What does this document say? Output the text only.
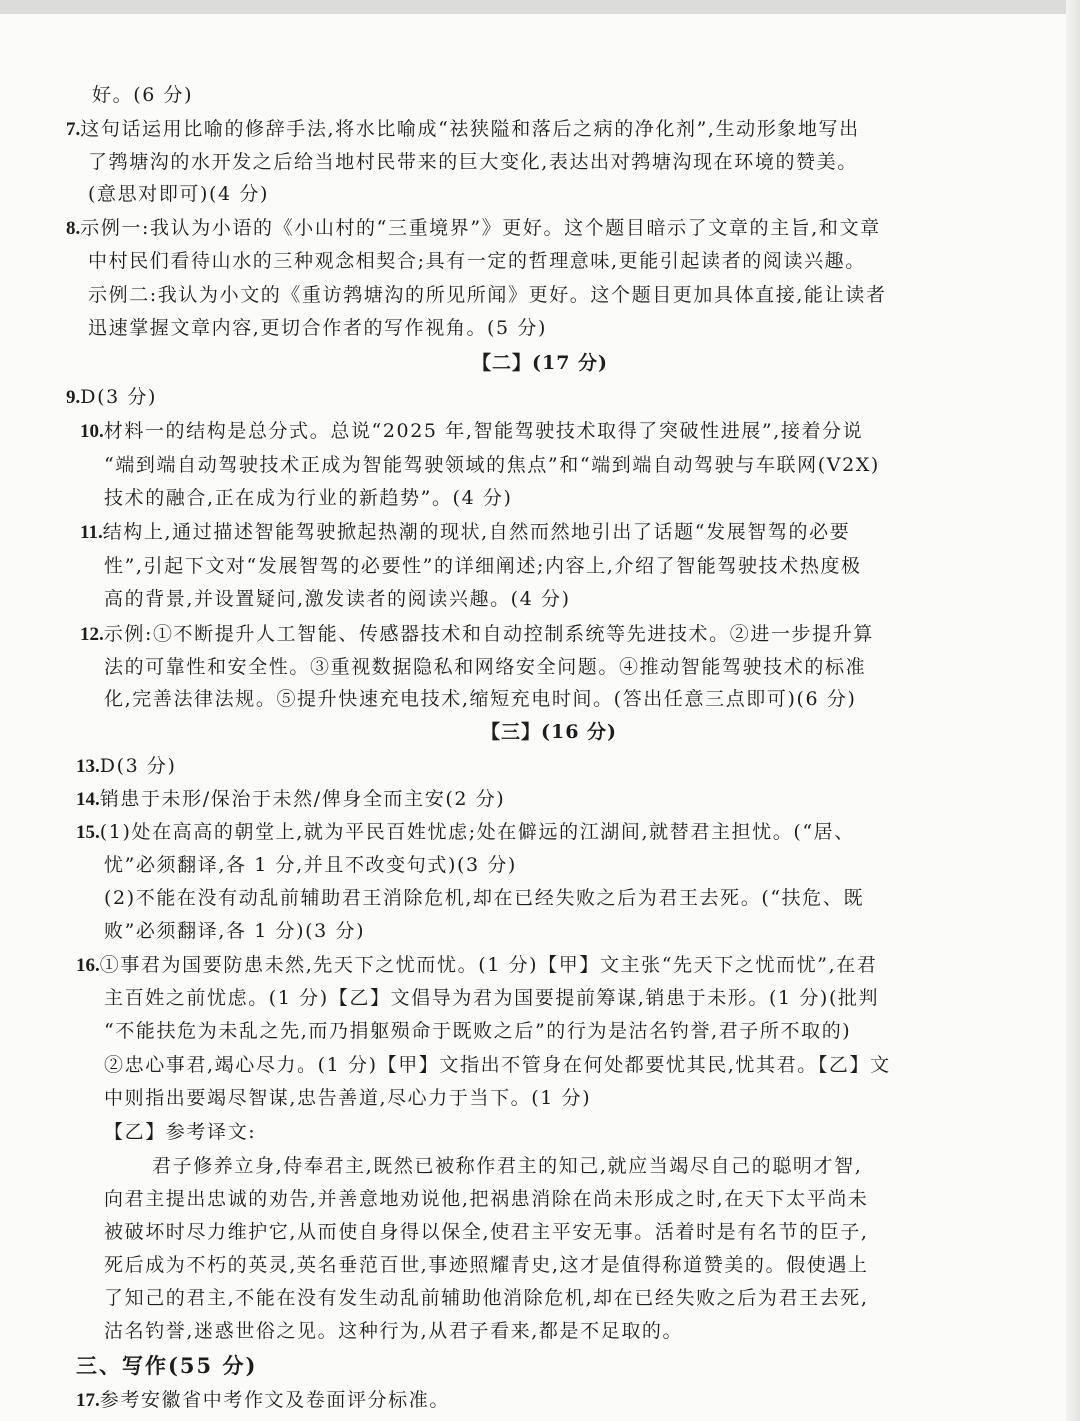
好。(6 分)
7.这句话运用比喻的修辞手法,将水比喻成“祛狭隘和落后之病的净化剂”,生动形象地写出
了鹁塘沟的水开发之后给当地村民带来的巨大变化,表达出对鹁塘沟现在环境的赞美。
(意思对即可)(4 分)
8.示例一:我认为小语的《小山村的“三重境界”》更好。这个题目暗示了文章的主旨,和文章
中村民们看待山水的三种观念相契合;具有一定的哲理意味,更能引起读者的阅读兴趣。
示例二:我认为小文的《重访鹁塘沟的所见所闻》更好。这个题目更加具体直接,能让读者
迅速掌握文章内容,更切合作者的写作视角。(5 分)
【二】(17 分)
9.D(3 分)
10.材料一的结构是总分式。总说“2025 年,智能驾驶技术取得了突破性进展”,接着分说
“端到端自动驾驶技术正成为智能驾驶领域的焦点”和“端到端自动驾驶与车联网(V2X)
技术的融合,正在成为行业的新趋势”。(4 分)
11.结构上,通过描述智能驾驶掀起热潮的现状,自然而然地引出了话题“发展智驾的必要
性”,引起下文对“发展智驾的必要性”的详细阐述;内容上,介绍了智能驾驶技术热度极
高的背景,并设置疑问,激发读者的阅读兴趣。(4 分)
12.示例:①不断提升人工智能、传感器技术和自动控制系统等先进技术。②进一步提升算
法的可靠性和安全性。③重视数据隐私和网络安全问题。④推动智能驾驶技术的标准
化,完善法律法规。⑤提升快速充电技术,缩短充电时间。(答出任意三点即可)(6 分)
【三】(16 分)
13.D(3 分)
14.销患于未形/保治于未然/俾身全而主安(2 分)
15.(1)处在高高的朝堂上,就为平民百姓忧虑;处在僻远的江湖间,就替君主担忧。(“居、
忧”必须翻译,各 1 分,并且不改变句式)(3 分)
(2)不能在没有动乱前辅助君王消除危机,却在已经失败之后为君王去死。(“扶危、既
败”必须翻译,各 1 分)(3 分)
16.①事君为国要防患未然,先天下之忧而忧。(1 分)【甲】文主张“先天下之忧而忧”,在君
主百姓之前忧虑。(1 分)【乙】文倡导为君为国要提前筹谋,销患于未形。(1 分)(批判
“不能扶危为未乱之先,而乃捐躯殒命于既败之后”的行为是沽名钓誉,君子所不取的)
②忠心事君,竭心尽力。(1 分)【甲】文指出不管身在何处都要忧其民,忧其君。【乙】文
中则指出要竭尽智谋,忠告善道,尽心力于当下。(1 分)
【乙】参考译文:
君子修养立身,侍奉君主,既然已被称作君主的知己,就应当竭尽自己的聪明才智,
向君主提出忠诚的劝告,并善意地劝说他,把祸患消除在尚未形成之时,在天下太平尚未
被破坏时尽力维护它,从而使自身得以保全,使君主平安无事。活着时是有名节的臣子,
死后成为不朽的英灵,英名垂范百世,事迹照耀青史,这才是值得称道赞美的。假使遇上
了知己的君主,不能在没有发生动乱前辅助他消除危机,却在已经失败之后为君王去死,
沽名钓誉,迷惑世俗之见。这种行为,从君子看来,都是不足取的。
三、写作(55 分)
17.参考安徽省中考作文及卷面评分标准。
